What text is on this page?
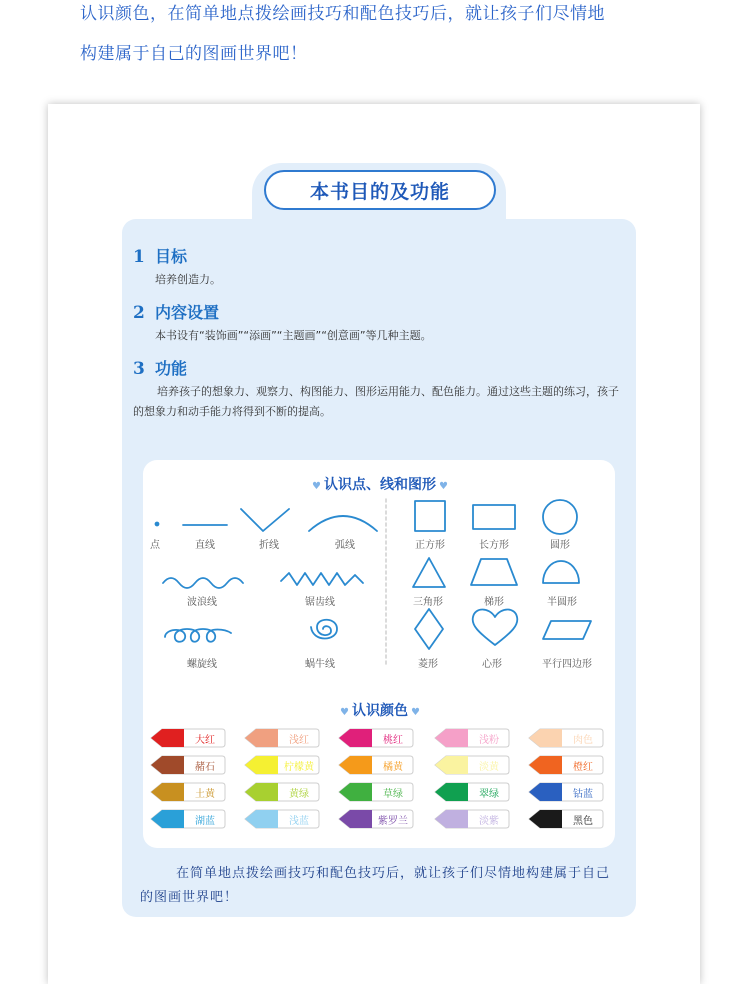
认识颜色，在简单地点拨绘画技巧和配色技巧后，就让孩子们尽情地

构建属于自己的图画世界吧！

本书目的及功能
1 目标
培养创造力。
2 内容设置
本书设有“装饰画”“添画”“主题画”“创意画”等几种主题。
3 功能
培养孩子的想象力、观察力、构图能力、图形运用能力、配色能力。通过这些主题的练习，孩子的想象力和动手能力将得到不断的提高。
♥ 认识点、线和图形 ♥
点	直线	折线	弧线	正方形	长方形	圆形
波浪线	锯齿线	三角形	梯形	半圆形
螺旋线	蜗牛线	菱形	心形	平行四边形
♥ 认识颜色 ♥
大红	浅红	桃红	浅粉	肉色
赭石	柠檬黄	橘黄	淡黄	橙红
土黄	黄绿	草绿	翠绿	钴蓝
湖蓝	浅蓝	紫罗兰	淡紫	黑色
在简单地点拨绘画技巧和配色技巧后，就让孩子们尽情地构建属于自己的图画世界吧！
